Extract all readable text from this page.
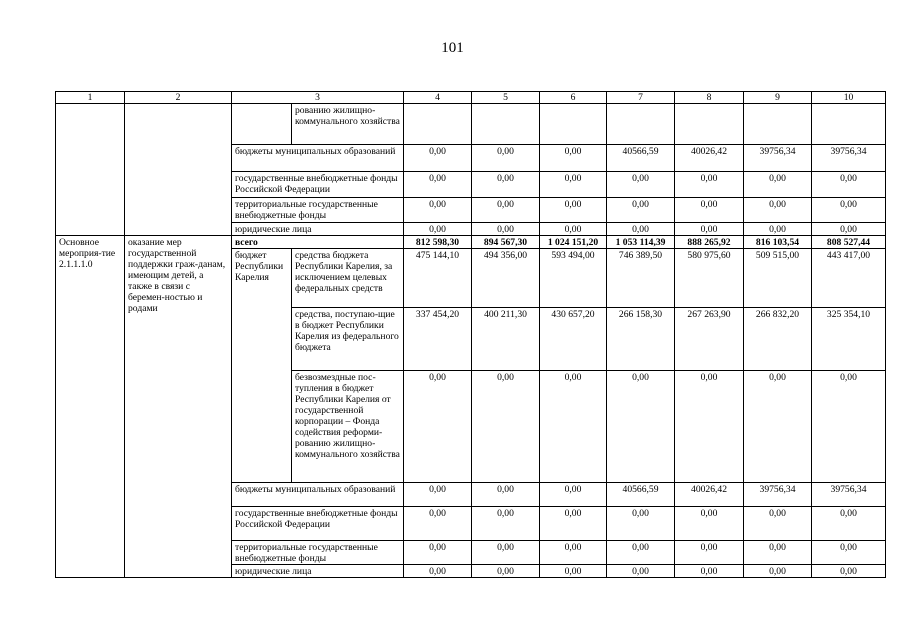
101
1	2	3		4	5	6	7	8	9	10
			рованию жилищно-коммунального хозяйства							
		бюджеты муниципальных образований		0,00	0,00	0,00	40566,59	40026,42	39756,34	39756,34
		государственные внебюджетные фонды Российской Федерации		0,00	0,00	0,00	0,00	0,00	0,00	0,00
		территориальные государственные внебюджетные фонды		0,00	0,00	0,00	0,00	0,00	0,00	0,00
		юридические лица		0,00	0,00	0,00	0,00	0,00	0,00	0,00
Основное мероприя-тие 2.1.1.1.0	оказание мер государственной поддержки граж-данам, имеющим детей, а также в связи с беремен-ностью и родами	всего		812 598,30	894 567,30	1 024 151,20	1 053 114,39	888 265,92	816 103,54	808 527,44
		бюджет Республики Карелия	средства бюджета Республики Карелия, за исключением целевых федеральных средств	475 144,10	494 356,00	593 494,00	746 389,50	580 975,60	509 515,00	443 417,00
			средства, поступаю-щие в бюджет Республики Карелия из федерального бюджета	337 454,20	400 211,30	430 657,20	266 158,30	267 263,90	266 832,20	325 354,10
			безвозмездные пос-тупления в бюджет Республики Карелия от государственной корпорации – Фонда содействия реформи-рованию жилищно-коммунального хозяйства	0,00	0,00	0,00	0,00	0,00	0,00	0,00
		бюджеты муниципальных образований		0,00	0,00	0,00	40566,59	40026,42	39756,34	39756,34
		государственные внебюджетные фонды Российской Федерации		0,00	0,00	0,00	0,00	0,00	0,00	0,00
		территориальные государственные внебюджетные фонды		0,00	0,00	0,00	0,00	0,00	0,00	0,00
		юридические лица		0,00	0,00	0,00	0,00	0,00	0,00	0,00
